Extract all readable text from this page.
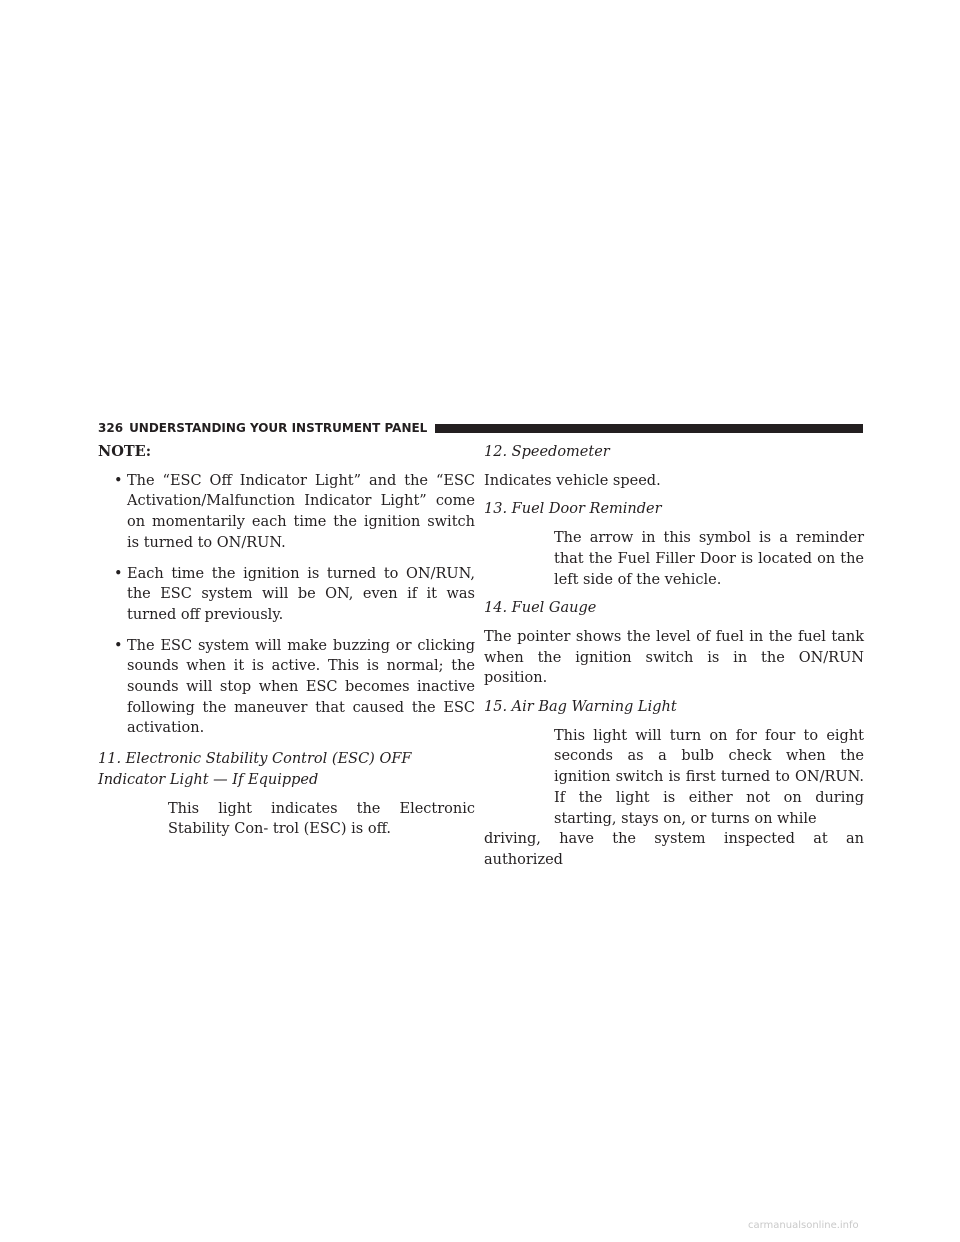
326 UNDERSTANDING YOUR INSTRUMENT PANEL

NOTE:

• The “ESC Off Indicator Light” and the “ESC Activation/Malfunction Indicator Light” come on momentarily each time the ignition switch is turned to ON/RUN.
• Each time the ignition is turned to ON/RUN, the ESC system will be ON, even if it was turned off previously.
• The ESC system will make buzzing or clicking sounds when it is active. This is normal; the sounds will stop when ESC becomes inactive following the maneuver that caused the ESC activation.

11. Electronic Stability Control (ESC) OFF Indicator Light — If Equipped

This light indicates the Electronic Stability Con- trol (ESC) is off.

12. Speedometer

Indicates vehicle speed.

13. Fuel Door Reminder

The arrow in this symbol is a reminder that the Fuel Filler Door is located on the left side of the vehicle.

14. Fuel Gauge

The pointer shows the level of fuel in the fuel tank when the ignition switch is in the ON/RUN position.

15. Air Bag Warning Light

This light will turn on for four to eight seconds as a bulb check when the ignition switch is first turned to ON/RUN. If the light is either not on during starting, stays on, or turns on while

driving, have the system inspected at an authorized

carmanualsonline.info
